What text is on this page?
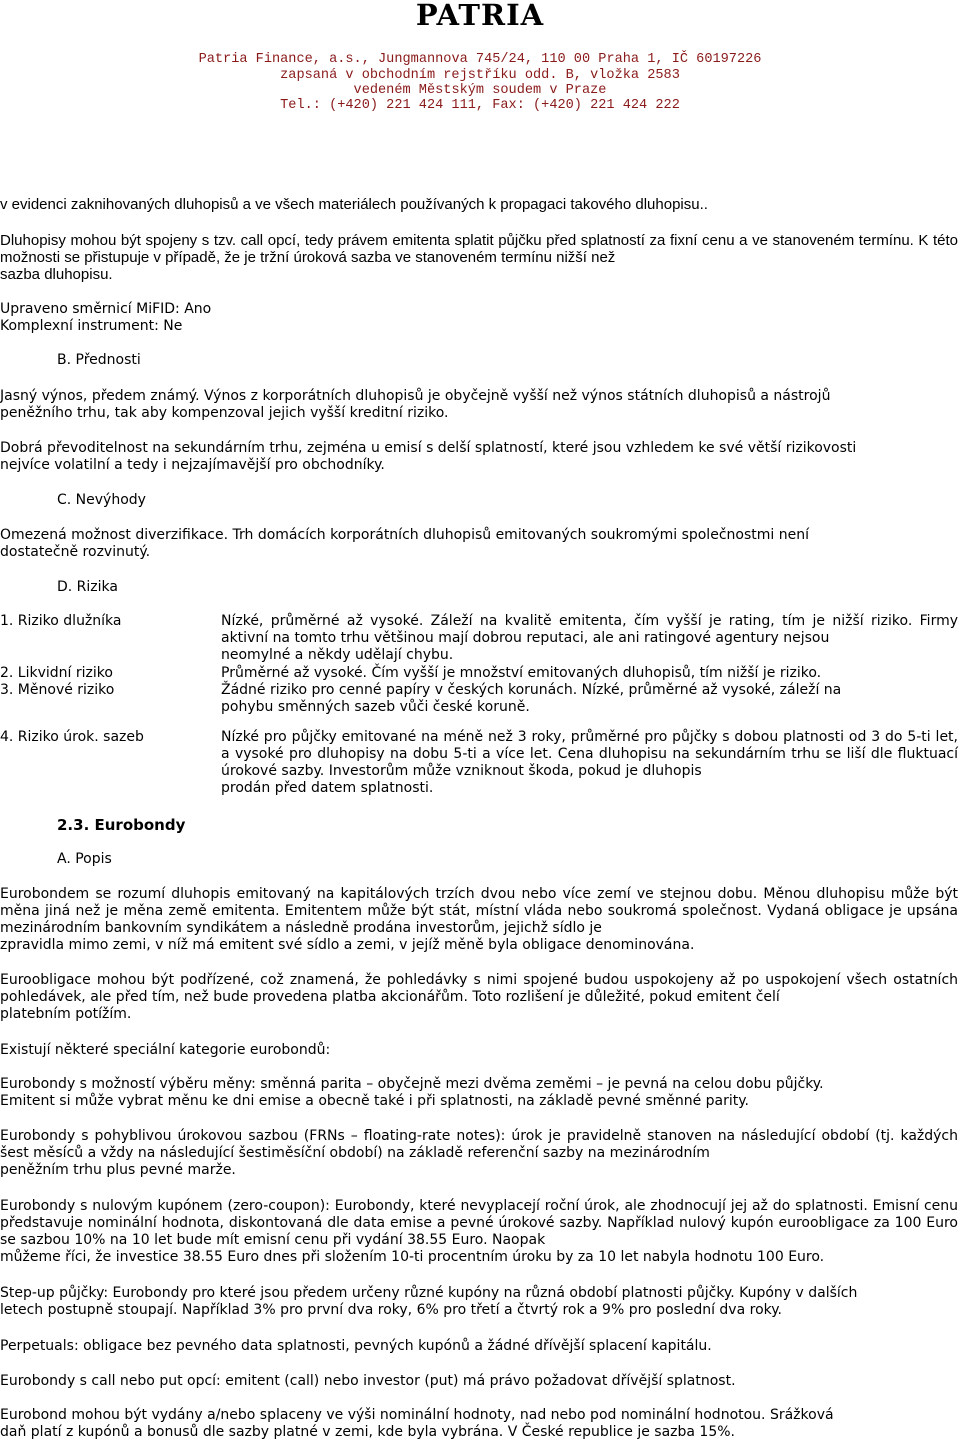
PATRIA
Patria Finance, a.s., Jungmannova 745/24, 110 00 Praha 1, IČ 60197226
zapsaná v obchodním rejstříku odd. B, vložka 2583
vedeném Městským soudem v Praze
Tel.: (+420) 221 424 111, Fax: (+420) 221 424 222
v evidenci zaknihovaných dluhopisů a ve všech materiálech používaných k propagaci takového dluhopisu..
Dluhopisy mohou být spojeny s tzv. call opcí, tedy právem emitenta splatit půjčku před splatností za fixní cenu a ve stanoveném termínu. K této možnosti se přistupuje v případě, že je tržní úroková sazba ve stanoveném termínu nižší než
sazba dluhopisu.
Upraveno směrnicí MiFID: Ano
Komplexní instrument: Ne
B. Přednosti
Jasný výnos, předem známý. Výnos z korporátních dluhopisů je obyčejně vyšší než výnos státních dluhopisů a nástrojů
peněžního trhu, tak aby kompenzoval jejich vyšší kreditní riziko.
Dobrá převoditelnost na sekundárním trhu, zejména u emisí s delší splatností, které jsou vzhledem ke své větší rizikovosti
nejvíce volatilní a tedy i nejzajímavější pro obchodníky.
C. Nevýhody
Omezená možnost diverzifikace. Trh domácích korporátních dluhopisů emitovaných soukromými společnostmi není
dostatečně rozvinutý.
D. Rizika
1. Riziko dlužníka	Nízké, průměrné až vysoké. Záleží na kvalitě emitenta, čím vyšší je rating, tím je nižší riziko. Firmy aktivní na tomto trhu většinou mají dobrou reputaci, ale ani ratingové agentury nejsou
neomylné a někdy udělají chybu.
2. Likvidní riziko	Průměrné až vysoké. Čím vyšší je množství emitovaných dluhopisů, tím nižší je riziko.
3. Měnové riziko	Žádné riziko pro cenné papíry v českých korunách. Nízké, průměrné až vysoké, záleží na
pohybu směnných sazeb vůči české koruně.
4. Riziko úrok. sazeb	Nízké pro půjčky emitované na méně než 3 roky, průměrné pro půjčky s dobou platnosti od 3 do 5-ti let, a vysoké pro dluhopisy na dobu 5-ti a více let. Cena dluhopisu na sekundárním trhu se liší dle fluktuací úrokové sazby. Investorům může vzniknout škoda, pokud je dluhopis
prodán před datem splatnosti.
2.3. Eurobondy
A. Popis
Eurobondem se rozumí dluhopis emitovaný na kapitálových trzích dvou nebo více zemí ve stejnou dobu. Měnou dluhopisu může být měna jiná než je měna země emitenta. Emitentem může být stát, místní vláda nebo soukromá společnost. Vydaná obligace je upsána mezinárodním bankovním syndikátem a následně prodána investorům, jejichž sídlo je
zpravidla mimo zemi, v níž má emitent své sídlo a zemi, v jejíž měně byla obligace denominována.
Euroobligace mohou být podřízené, což znamená, že pohledávky s nimi spojené budou uspokojeny až po uspokojení všech ostatních pohledávek, ale před tím, než bude provedena platba akcionářům. Toto rozlišení je důležité, pokud emitent čelí
platebním potížím.
Existují některé speciální kategorie eurobondů:
Eurobondy s možností výběru měny: směnná parita – obyčejně mezi dvěma zeměmi – je pevná na celou dobu půjčky.
Emitent si může vybrat měnu ke dni emise a obecně také i při splatnosti, na základě pevné směnné parity.
Eurobondy s pohyblivou úrokovou sazbou (FRNs – floating-rate notes): úrok je pravidelně stanoven na následující období (tj. každých šest měsíců a vždy na následující šestiměsíční období) na základě referenční sazby na mezinárodním
peněžním trhu plus pevné marže.
Eurobondy s nulovým kupónem (zero-coupon): Eurobondy, které nevyplacejí roční úrok, ale zhodnocují jej až do splatnosti. Emisní cenu představuje nominální hodnota, diskontovaná dle data emise a pevné úrokové sazby. Například nulový kupón euroobligace za 100 Euro se sazbou 10% na 10 let bude mít emisní cenu při vydání 38.55 Euro. Naopak
můžeme říci, že investice 38.55 Euro dnes při složením 10-ti procentním úroku by za 10 let nabyla hodnotu 100 Euro.
Step-up půjčky: Eurobondy pro které jsou předem určeny různé kupóny na různá období platnosti půjčky. Kupóny v dalších
letech postupně stoupají. Například 3% pro první dva roky, 6% pro třetí a čtvrtý rok a 9% pro poslední dva roky.
Perpetuals: obligace bez pevného data splatnosti, pevných kupónů a žádné dřívější splacení kapitálu.
Eurobondy s call nebo put opcí: emitent (call) nebo investor (put) má právo požadovat dřívější splatnost.
Eurobond mohou být vydány a/nebo splaceny ve výši nominální hodnoty, nad nebo pod nominální hodnotou. Srážková
daň platí z kupónů a bonusů dle sazby platné v zemi, kde byla vybrána. V České republice je sazba 15%.
